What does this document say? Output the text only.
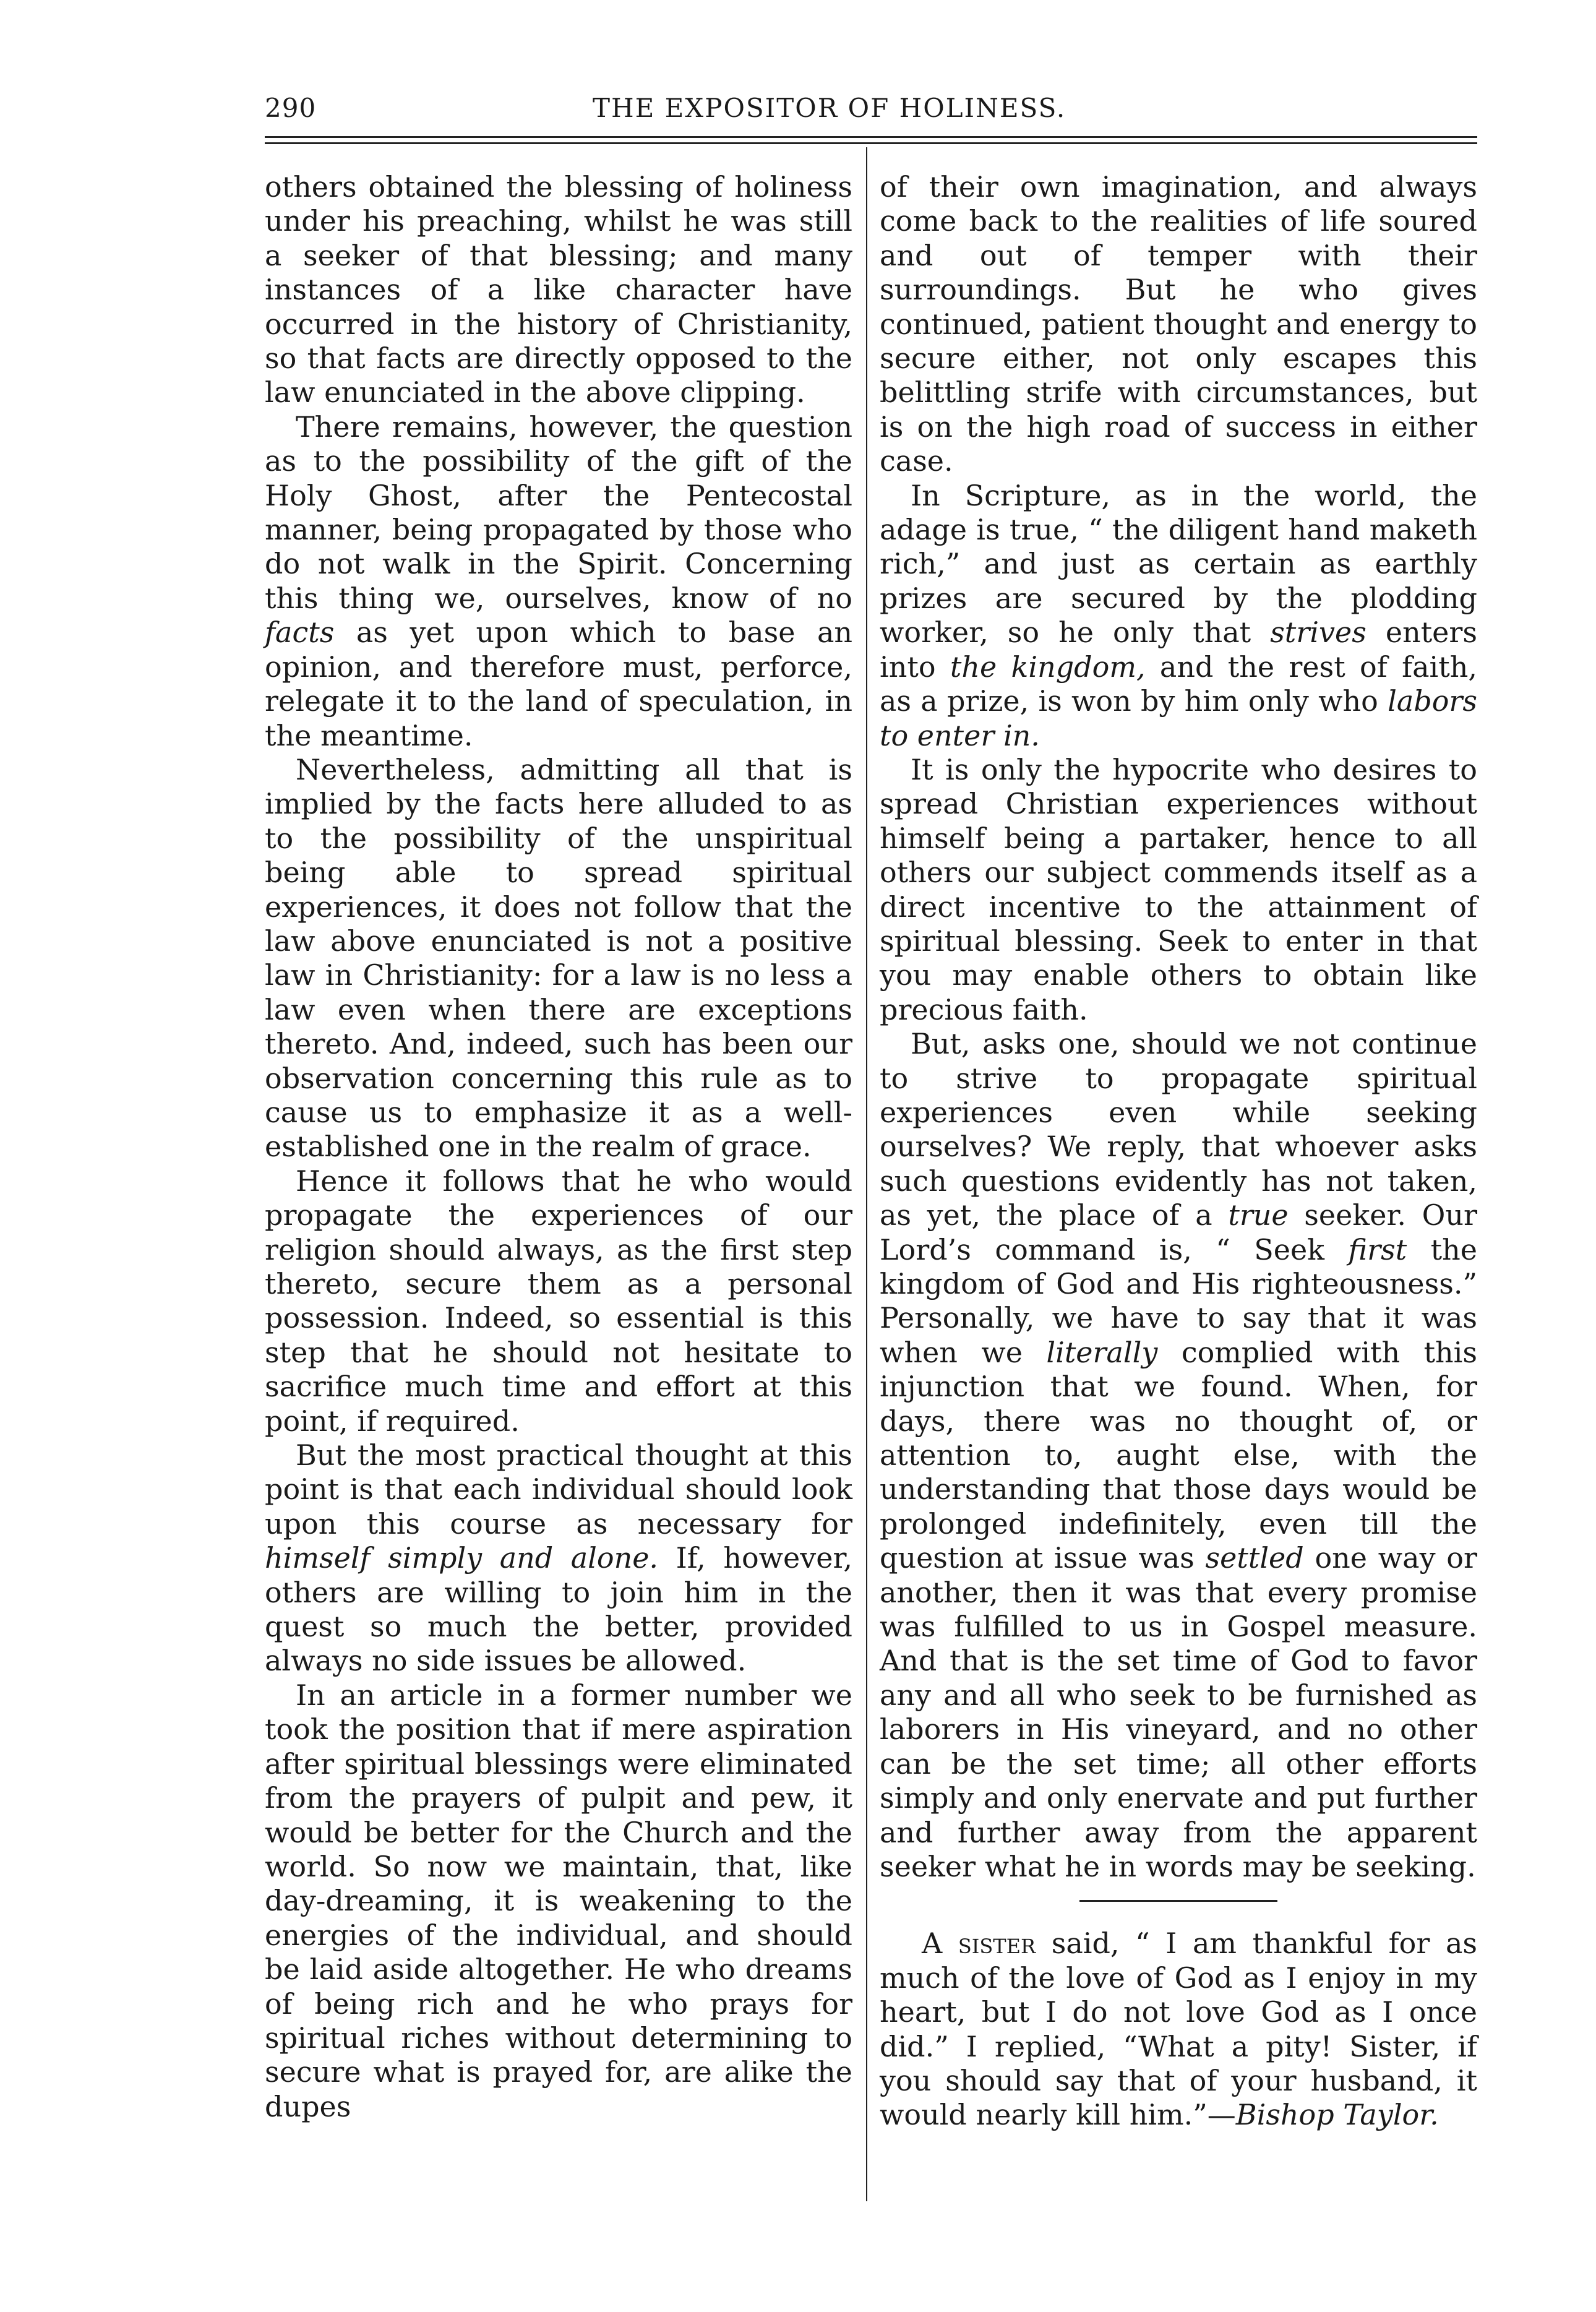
290	THE EXPOSITOR OF HOLINESS.

others obtained the blessing of holiness under his preaching, whilst he was still a seeker of that blessing; and many instances of a like character have occurred in the history of Christianity, so that facts are directly opposed to the law enunciated in the above clipping.

There remains, however, the question as to the possibility of the gift of the Holy Ghost, after the Pentecostal manner, being propagated by those who do not walk in the Spirit. Concerning this thing we, ourselves, know of no facts as yet upon which to base an opinion, and therefore must, perforce, relegate it to the land of speculation, in the meantime.

Nevertheless, admitting all that is implied by the facts here alluded to as to the possibility of the unspiritual being able to spread spiritual experiences, it does not follow that the law above enunciated is not a positive law in Christianity: for a law is no less a law even when there are exceptions thereto. And, indeed, such has been our observation concerning this rule as to cause us to emphasize it as a well-established one in the realm of grace.

Hence it follows that he who would propagate the experiences of our religion should always, as the first step thereto, secure them as a personal possession. Indeed, so essential is this step that he should not hesitate to sacrifice much time and effort at this point, if required.

But the most practical thought at this point is that each individual should look upon this course as necessary for himself simply and alone. If, however, others are willing to join him in the quest so much the better, provided always no side issues be allowed.

In an article in a former number we took the position that if mere aspiration after spiritual blessings were eliminated from the prayers of pulpit and pew, it would be better for the Church and the world. So now we maintain, that, like day-dreaming, it is weakening to the energies of the individual, and should be laid aside altogether. He who dreams of being rich and he who prays for spiritual riches without determining to secure what is prayed for, are alike the dupes

of their own imagination, and always come back to the realities of life soured and out of temper with their surroundings. But he who gives continued, patient thought and energy to secure either, not only escapes this belittling strife with circumstances, but is on the high road of success in either case.

In Scripture, as in the world, the adage is true, “ the diligent hand maketh rich,” and just as certain as earthly prizes are secured by the plodding worker, so he only that strives enters into the kingdom, and the rest of faith, as a prize, is won by him only who labors to enter in.

It is only the hypocrite who desires to spread Christian experiences without himself being a partaker, hence to all others our subject commends itself as a direct incentive to the attainment of spiritual blessing. Seek to enter in that you may enable others to obtain like precious faith.

But, asks one, should we not continue to strive to propagate spiritual experiences even while seeking ourselves? We reply, that whoever asks such questions evidently has not taken, as yet, the place of a true seeker. Our Lord’s command is, “ Seek first the kingdom of God and His righteousness.” Personally, we have to say that it was when we literally complied with this injunction that we found. When, for days, there was no thought of, or attention to, aught else, with the understanding that those days would be prolonged indefinitely, even till the question at issue was settled one way or another, then it was that every promise was fulfilled to us in Gospel measure. And that is the set time of God to favor any and all who seek to be furnished as laborers in His vineyard, and no other can be the set time; all other efforts simply and only enervate and put further and further away from the apparent seeker what he in words may be seeking.

A sister said, “ I am thankful for as much of the love of God as I enjoy in my heart, but I do not love God as I once did.” I replied, “What a pity! Sister, if you should say that of your husband, it would nearly kill him.”—Bishop Taylor.
